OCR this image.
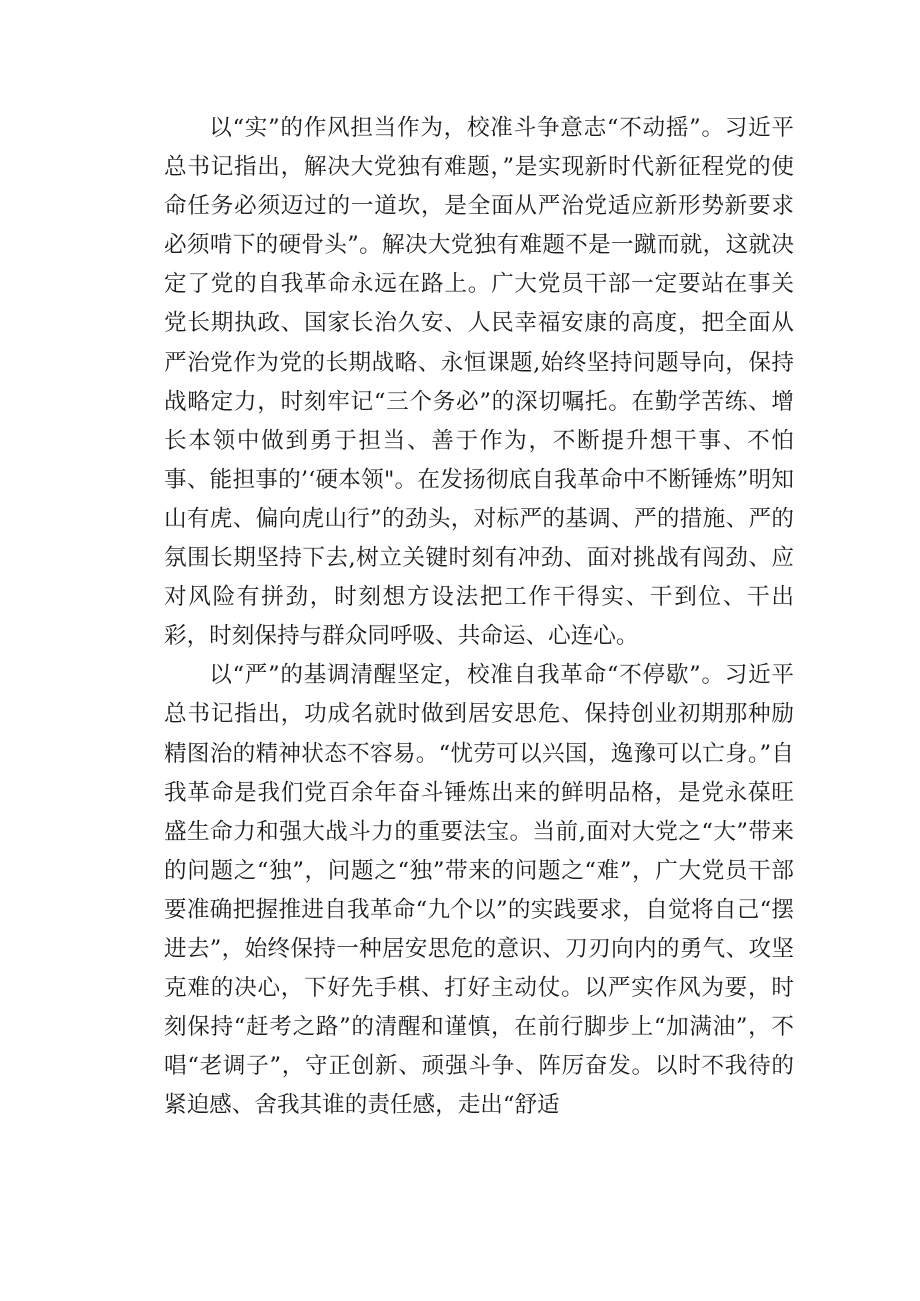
以“实”的作风担当作为，校准斗争意志“不动摇”。习近平总书记指出，解决大党独有难题，”是实现新时代新征程党的使命任务必须迈过的一道坎，是全面从严治党适应新形势新要求必须啃下的硬骨头”。解决大党独有难题不是一蹴而就，这就决定了党的自我革命永远在路上。广大党员干部一定要站在事关党长期执政、国家长治久安、人民幸福安康的高度，把全面从严治党作为党的长期战略、永恒课题,始终坚持问题导向，保持战略定力，时刻牢记“三个务必”的深切嘱托。在勤学苦练、增长本领中做到勇于担当、善于作为，不断提升想干事、不怕事、能担事的’‘硬本领"。在发扬彻底自我革命中不断锤炼”明知山有虎、偏向虎山行”的劲头，对标严的基调、严的措施、严的氛围长期坚持下去,树立关键时刻有冲劲、面对挑战有闯劲、应对风险有拼劲，时刻想方设法把工作干得实、干到位、干出彩，时刻保持与群众同呼吸、共命运、心连心。

以“严”的基调清醒坚定，校准自我革命“不停歇”。习近平总书记指出，功成名就时做到居安思危、保持创业初期那种励精图治的精神状态不容易。“忧劳可以兴国，逸豫可以亡身。”自我革命是我们党百余年奋斗锤炼出来的鲜明品格，是党永葆旺盛生命力和强大战斗力的重要法宝。当前,面对大党之“大”带来的问题之“独”，问题之“独”带来的问题之“难”，广大党员干部要准确把握推进自我革命“九个以”的实践要求，自觉将自己“摆进去”，始终保持一种居安思危的意识、刀刃向内的勇气、攻坚克难的决心，下好先手棋、打好主动仗。以严实作风为要，时刻保持“赶考之路”的清醒和谨慎，在前行脚步上“加满油”，不唱“老调子”，守正创新、顽强斗争、阵厉奋发。以时不我待的紧迫感、舍我其谁的责任感，走出“舒适
